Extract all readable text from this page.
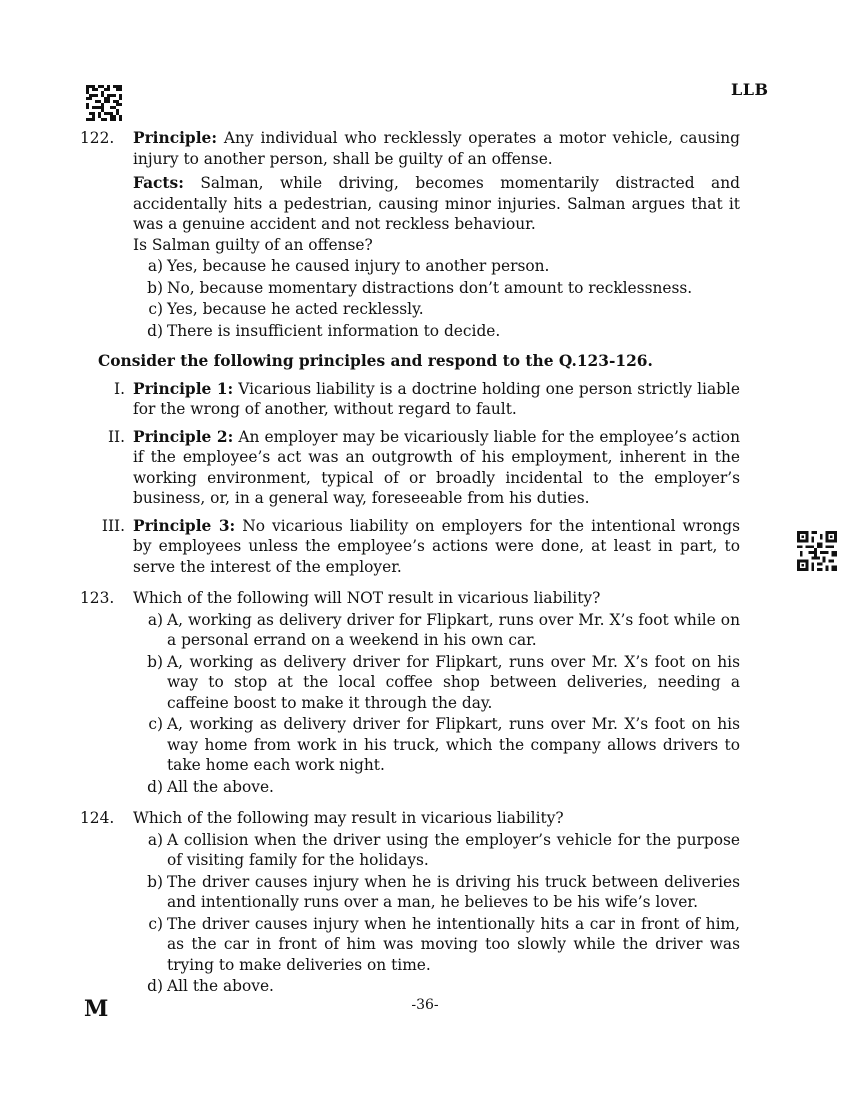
LLB
122.	Principle: Any individual who recklessly operates a motor vehicle, causing injury to another person, shall be guilty of an offense.
Facts: Salman, while driving, becomes momentarily distracted and accidentally hits a pedestrian, causing minor injuries. Salman argues that it was a genuine accident and not reckless behaviour.
Is Salman guilty of an offense?
a) Yes, because he caused injury to another person.
b) No, because momentary distractions don’t amount to recklessness.
c) Yes, because he acted recklessly.
d) There is insufficient information to decide.
Consider the following principles and respond to the Q.123-126.
I. Principle 1: Vicarious liability is a doctrine holding one person strictly liable for the wrong of another, without regard to fault.
II. Principle 2: An employer may be vicariously liable for the employee’s action if the employee’s act was an outgrowth of his employment, inherent in the working environment, typical of or broadly incidental to the employer’s business, or, in a general way, foreseeable from his duties.
III. Principle 3: No vicarious liability on employers for the intentional wrongs by employees unless the employee’s actions were done, at least in part, to serve the interest of the employer.
123.	Which of the following will NOT result in vicarious liability?
a) A, working as delivery driver for Flipkart, runs over Mr. X’s foot while on a personal errand on a weekend in his own car.
b) A, working as delivery driver for Flipkart, runs over Mr. X’s foot on his way to stop at the local coffee shop between deliveries, needing a caffeine boost to make it through the day.
c) A, working as delivery driver for Flipkart, runs over Mr. X’s foot on his way home from work in his truck, which the company allows drivers to take home each work night.
d) All the above.
124.	Which of the following may result in vicarious liability?
a) A collision when the driver using the employer’s vehicle for the purpose of visiting family for the holidays.
b) The driver causes injury when he is driving his truck between deliveries and intentionally runs over a man, he believes to be his wife’s lover.
c) The driver causes injury when he intentionally hits a car in front of him, as the car in front of him was moving too slowly while the driver was trying to make deliveries on time.
d) All the above.
M	-36-
